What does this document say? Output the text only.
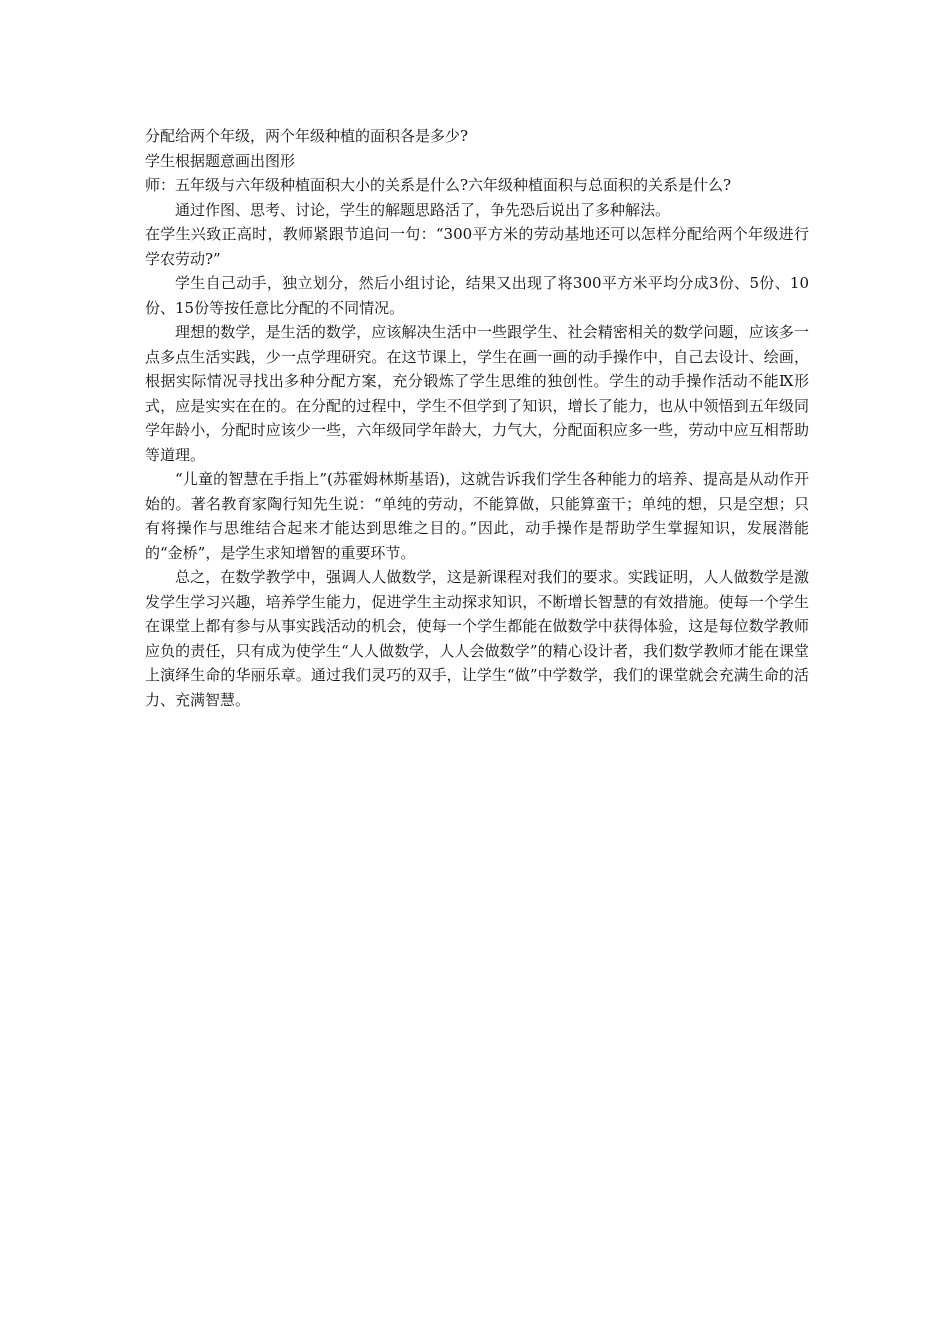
分配给两个年级，两个年级种植的面积各是多少?

学生根据题意画出图形

师：五年级与六年级种植面积大小的关系是什么?六年级种植面积与总面积的关系是什么?

通过作图、思考、讨论，学生的解题思路活了，争先恐后说出了多种解法。

在学生兴致正高时，教师紧跟节追问一句：“300平方米的劳动基地还可以怎样分配给两个年级进行学农劳动?”

学生自己动手，独立划分，然后小组讨论，结果又出现了将300平方米平均分成3份、5份、10份、15份等按任意比分配的不同情况。

理想的数学，是生活的数学，应该解决生活中一些跟学生、社会精密相关的数学问题，应该多一点多点生活实践，少一点学理研究。在这节课上，学生在画一画的动手操作中，自己去设计、绘画，根据实际情况寻找出多种分配方案，充分锻炼了学生思维的独创性。学生的动手操作活动不能Ⅸ形式，应是实实在在的。在分配的过程中，学生不但学到了知识，增长了能力，也从中领悟到五年级同学年龄小，分配时应该少一些，六年级同学年龄大，力气大，分配面积应多一些，劳动中应互相帮助等道理。

“儿童的智慧在手指上”(苏霍姆林斯基语)，这就告诉我们学生各种能力的培养、提高是从动作开始的。著名教育家陶行知先生说：“单纯的劳动，不能算做，只能算蛮干；单纯的想，只是空想；只有将操作与思维结合起来才能达到思维之目的。”因此，动手操作是帮助学生掌握知识，发展潜能的“金桥”，是学生求知增智的重要环节。

总之，在数学教学中，强调人人做数学，这是新课程对我们的要求。实践证明，人人做数学是激发学生学习兴趣，培养学生能力，促进学生主动探求知识，不断增长智慧的有效措施。使每一个学生在课堂上都有参与从事实践活动的机会，使每一个学生都能在做数学中获得体验，这是每位数学教师应负的责任，只有成为使学生“人人做数学，人人会做数学”的精心设计者，我们数学教师才能在课堂上演绎生命的华丽乐章。通过我们灵巧的双手，让学生“做”中学数学，我们的课堂就会充满生命的活力、充满智慧。
